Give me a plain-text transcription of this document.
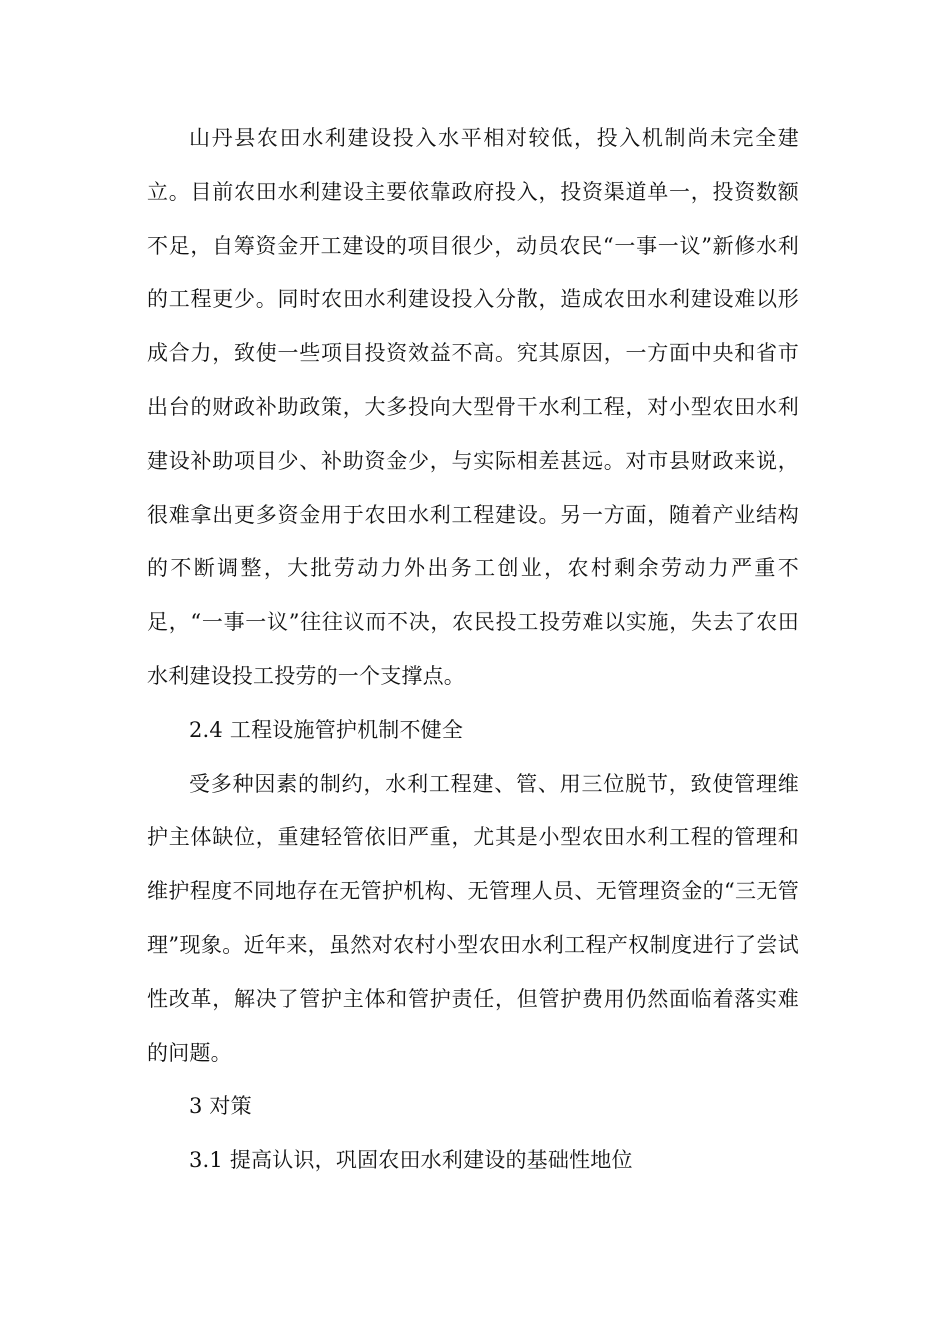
山丹县农田水利建设投入水平相对较低，投入机制尚未完全建立。目前农田水利建设主要依靠政府投入，投资渠道单一，投资数额不足，自筹资金开工建设的项目很少，动员农民“一事一议”新修水利的工程更少。同时农田水利建设投入分散，造成农田水利建设难以形成合力，致使一些项目投资效益不高。究其原因，一方面中央和省市出台的财政补助政策，大多投向大型骨干水利工程，对小型农田水利建设补助项目少、补助资金少，与实际相差甚远。对市县财政来说，很难拿出更多资金用于农田水利工程建设。另一方面，随着产业结构的不断调整，大批劳动力外出务工创业，农村剩余劳动力严重不足，“一事一议”往往议而不决，农民投工投劳难以实施，失去了农田水利建设投工投劳的一个支撑点。

2.4 工程设施管护机制不健全

受多种因素的制约，水利工程建、管、用三位脱节，致使管理维护主体缺位，重建轻管依旧严重，尤其是小型农田水利工程的管理和维护程度不同地存在无管护机构、无管理人员、无管理资金的“三无管理”现象。近年来，虽然对农村小型农田水利工程产权制度进行了尝试性改革，解决了管护主体和管护责任，但管护费用仍然面临着落实难的问题。

3 对策

3.1 提高认识，巩固农田水利建设的基础性地位
